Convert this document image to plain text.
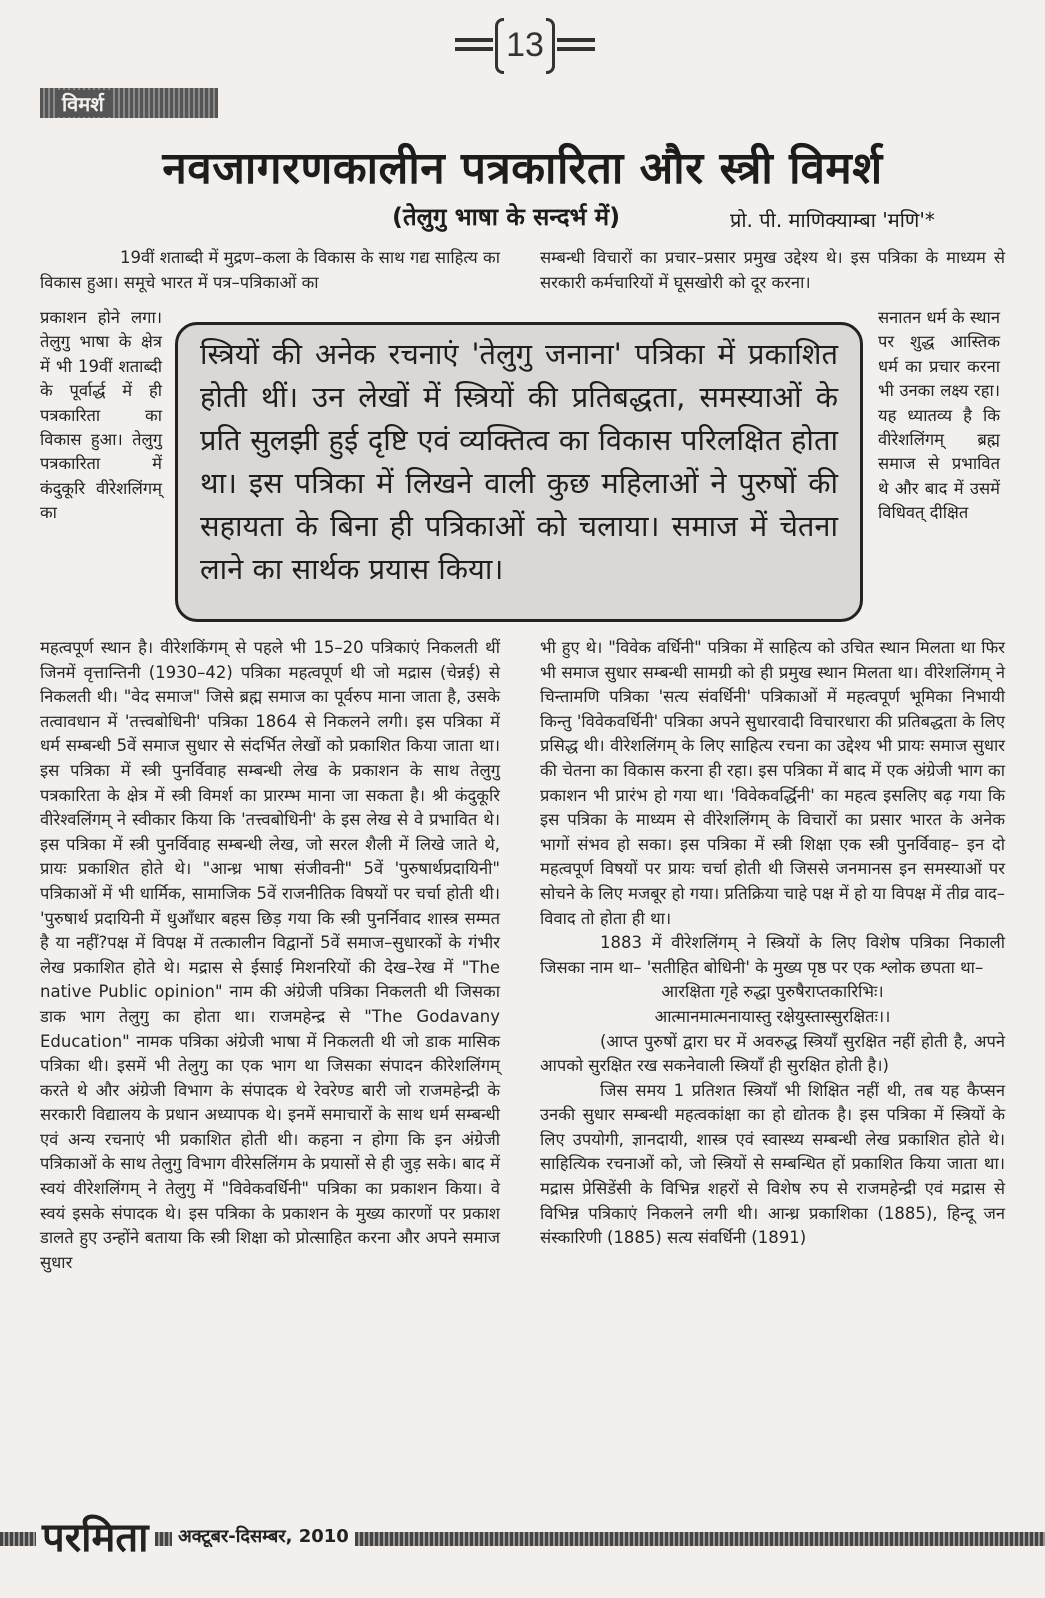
13
विमर्श
नवजागरणकालीन पत्रकारिता और स्त्री विमर्श
(तेलुगु भाषा के सन्दर्भ में)	प्रो. पी. माणिक्याम्बा 'मणि'*

19वीं शताब्दी में मुद्रण–कला के विकास के साथ गद्य साहित्य का विकास हुआ। समूचे भारत में पत्र–पत्रिकाओं का

सम्बन्धी विचारों का प्रचार–प्रसार प्रमुख उद्देश्य थे। इस पत्रिका के माध्यम से सरकारी कर्मचारियों में घूसखोरी को दूर करना।

प्रकाशन होने लगा। तेलुगु भाषा के क्षेत्र में भी 19वीं शताब्दी के पूर्वार्द्ध में ही पत्रकारिता का विकास हुआ। तेलुगु पत्रकारिता में कंदुकूरि वीरेशलिंगम् का
सनातन धर्म के स्थान पर शुद्ध आस्तिक धर्म का प्रचार करना भी उनका लक्ष्य रहा। यह ध्यातव्य है कि वीरेशलिंगम् ब्रह्म समाज से प्रभावित थे और बाद में उसमें विधिवत् दीक्षित

स्त्रियों की अनेक रचनाएं 'तेलुगु जनाना' पत्रिका में प्रकाशित होती थीं। उन लेखों में स्त्रियों की प्रतिबद्धता, समस्याओं के प्रति सुलझी हुई दृष्टि एवं व्यक्तित्व का विकास परिलक्षित होता था। इस पत्रिका में लिखने वाली कुछ महिलाओं ने पुरुषों की सहायता के बिना ही पत्रिकाओं को चलाया। समाज में चेतना लाने का सार्थक प्रयास किया।

महत्वपूर्ण स्थान है। वीरेशकिंगम् से पहले भी 15–20 पत्रिकाएं निकलती थीं जिनमें वृत्तान्तिनी (1930–42) पत्रिका महत्वपूर्ण थी जो मद्रास (चेन्नई) से निकलती थी। "वेद समाज" जिसे ब्रह्म समाज का पूर्वरुप माना जाता है, उसके तत्वावधान में 'तत्त्वबोधिनी' पत्रिका 1864 से निकलने लगी। इस पत्रिका में धर्म सम्बन्धी 5वें समाज सुधार से संदर्भित लेखों को प्रकाशित किया जाता था। इस पत्रिका में स्त्री पुनर्विवाह सम्बन्धी लेख के प्रकाशन के साथ तेलुगु पत्रकारिता के क्षेत्र में स्त्री विमर्श का प्रारम्भ माना जा सकता है। श्री कंदुकूरि वीरेश्वलिंगम् ने स्वीकार किया कि 'तत्त्वबोधिनी' के इस लेख से वे प्रभावित थे। इस पत्रिका में स्त्री पुनर्विवाह सम्बन्धी लेख, जो सरल शैली में लिखे जाते थे, प्रायः प्रकाशित होते थे। "आन्ध्र भाषा संजीवनी" 5वें 'पुरुषार्थप्रदायिनी" पत्रिकाओं में भी धार्मिक, सामाजिक 5वें राजनीतिक विषयों पर चर्चा होती थी। 'पुरुषार्थ प्रदायिनी में धुआँधार बहस छिड़ गया कि स्त्री पुनर्निवाद शास्त्र सम्मत है या नहीं?पक्ष में विपक्ष में तत्कालीन विद्वानों 5वें समाज–सुधारकों के गंभीर लेख प्रकाशित होते थे। मद्रास से ईसाई मिशनरियों की देख–रेख में "The native Public opinion" नाम की अंग्रेजी पत्रिका निकलती थी जिसका डाक भाग तेलुगु का होता था। राजमहेन्द्र से "The Godavany Education" नामक पत्रिका अंग्रेजी भाषा में निकलती थी जो डाक मासिक पत्रिका थी। इसमें भी तेलुगु का एक भाग था जिसका संपादन कीरेशलिंगम् करते थे और अंग्रेजी विभाग के संपादक थे रेवरेण्ड बारी जो राजमहेन्द्री के सरकारी विद्यालय के प्रधान अध्यापक थे। इनमें समाचारों के साथ धर्म सम्बन्धी एवं अन्य रचनाएं भी प्रकाशित होती थी। कहना न होगा कि इन अंग्रेजी पत्रिकाओं के साथ तेलुगु विभाग वीरेसलिंगम के प्रयासों से ही जुड़ सके। बाद में स्वयं वीरेशलिंगम् ने तेलुगु में "विवेकवर्धिनी" पत्रिका का प्रकाशन किया। वे स्वयं इसके संपादक थे। इस पत्रिका के प्रकाशन के मुख्य कारणों पर प्रकाश डालते हुए उन्होंने बताया कि स्त्री शिक्षा को प्रोत्साहित करना और अपने समाज सुधार

भी हुए थे। "विवेक वर्धिनी" पत्रिका में साहित्य को उचित स्थान मिलता था फिर भी समाज सुधार सम्बन्धी सामग्री को ही प्रमुख स्थान मिलता था। वीरेशलिंगम् ने चिन्तामणि पत्रिका 'सत्य संवर्धिनी' पत्रिकाओं में महत्वपूर्ण भूमिका निभायी किन्तु 'विवेकवर्धिनी' पत्रिका अपने सुधारवादी विचारधारा की प्रतिबद्धता के लिए प्रसिद्ध थी। वीरेशलिंगम् के लिए साहित्य रचना का उद्देश्य भी प्रायः समाज सुधार की चेतना का विकास करना ही रहा। इस पत्रिका में बाद में एक अंग्रेजी भाग का प्रकाशन भी प्रारंभ हो गया था। 'विवेकवर्द्धिनी' का महत्व इसलिए बढ़ गया कि इस पत्रिका के माध्यम से वीरेशलिंगम् के विचारों का प्रसार भारत के अनेक भागों संभव हो सका। इस पत्रिका में स्त्री शिक्षा एक स्त्री पुनर्विवाह– इन दो महत्वपूर्ण विषयों पर प्रायः चर्चा होती थी जिससे जनमानस इन समस्याओं पर सोचने के लिए मजबूर हो गया। प्रतिक्रिया चाहे पक्ष में हो या विपक्ष में तीव्र वाद–विवाद तो होता ही था।

1883 में वीरेशलिंगम् ने स्त्रियों के लिए विशेष पत्रिका निकाली जिसका नाम था– 'सतीहित बोधिनी' के मुख्य पृष्ठ पर एक श्लोक छपता था–

आरक्षिता गृहे रुद्धा पुरुषैराप्तकारिभिः।

आत्मानमात्मनायास्तु रक्षेयुस्तास्सुरक्षितः।।

(आप्त पुरुषों द्वारा घर में अवरुद्ध स्त्रियाँ सुरक्षित नहीं होती है, अपने आपको सुरक्षित रख सकनेवाली स्त्रियाँ ही सुरक्षित होती है।)

जिस समय 1 प्रतिशत स्त्रियाँ भी शिक्षित नहीं थी, तब यह कैप्सन उनकी सुधार सम्बन्धी महत्वकांक्षा का हो द्योतक है। इस पत्रिका में स्त्रियों के लिए उपयोगी, ज्ञानदायी, शास्त्र एवं स्वास्थ्य सम्बन्धी लेख प्रकाशित होते थे। साहित्यिक रचनाओं को, जो स्त्रियों से सम्बन्धित हों प्रकाशित किया जाता था। मद्रास प्रेसिडेंसी के विभिन्न शहरों से विशेष रुप से राजमहेन्द्री एवं मद्रास से विभिन्न पत्रिकाएं निकलने लगी थी। आन्ध्र प्रकाशिका (1885), हिन्दू जन संस्कारिणी (1885) सत्य संवर्धिनी (1891)

परमिता	अक्टूबर-दिसम्बर, 2010
